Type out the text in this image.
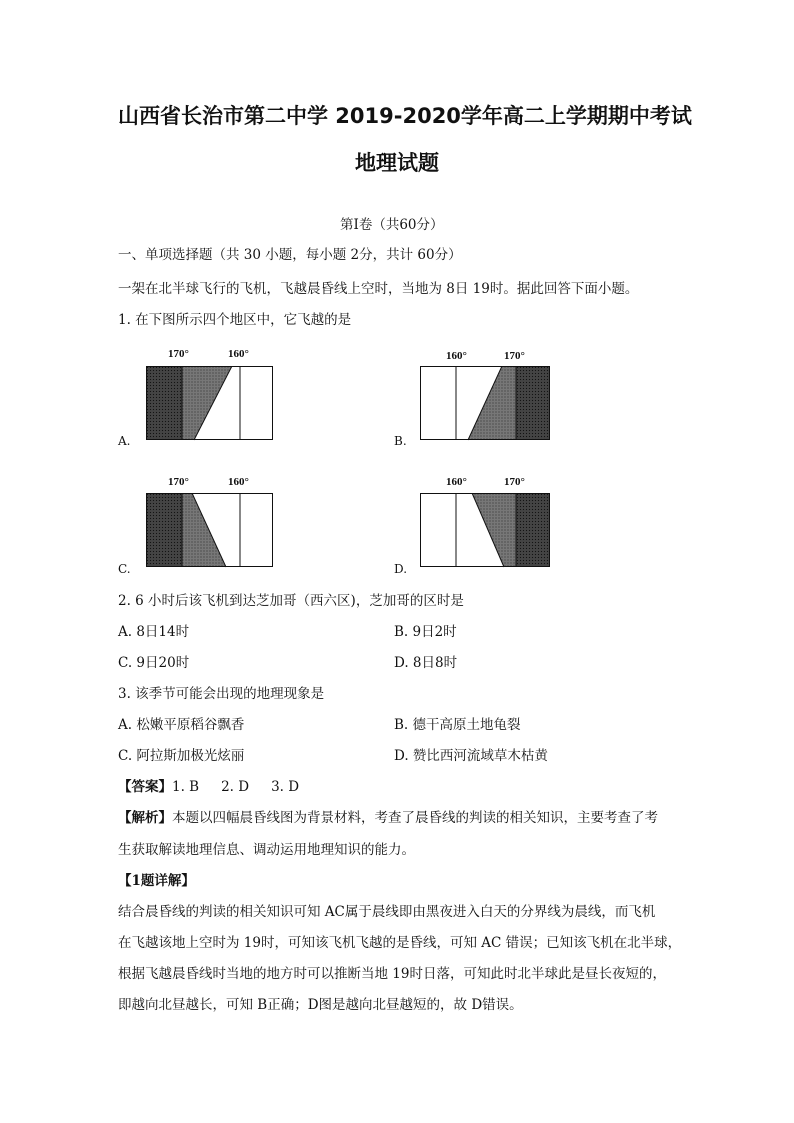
山西省长治市第二中学 2019-2020学年高二上学期期中考试
地理试题
第Ⅰ卷（共60分）
一、单项选择题（共 30 小题，每小题 2分，共计 60分）
一架在北半球飞行的飞机，飞越晨昏线上空时，当地为 8日 19时。据此回答下面小题。
1. 在下图所示四个地区中，它飞越的是
170°	160°
A.
160°	170°
B.
170°	160°
C.
160°	170°
D.
2. 6 小时后该飞机到达芝加哥（西六区)，芝加哥的区时是
A. 8日14时	B. 9日2时
C. 9日20时	D. 8日8时
3. 该季节可能会出现的地理现象是
A. 松嫩平原稻谷飘香	B. 德干高原土地龟裂
C. 阿拉斯加极光炫丽	D. 赞比西河流域草木枯黄
【答案】1. B 2. D 3. D
【解析】本题以四幅晨昏线图为背景材料，考查了晨昏线的判读的相关知识，主要考查了考
生获取解读地理信息、调动运用地理知识的能力。
【1题详解】
结合晨昏线的判读的相关知识可知 AC属于晨线即由黑夜进入白天的分界线为晨线，而飞机
在飞越该地上空时为 19时，可知该飞机飞越的是昏线，可知 AC 错误；已知该飞机在北半球，
根据飞越晨昏线时当地的地方时可以推断当地 19时日落，可知此时北半球此是昼长夜短的，
即越向北昼越长，可知 B正确；D图是越向北昼越短的，故 D错误。
